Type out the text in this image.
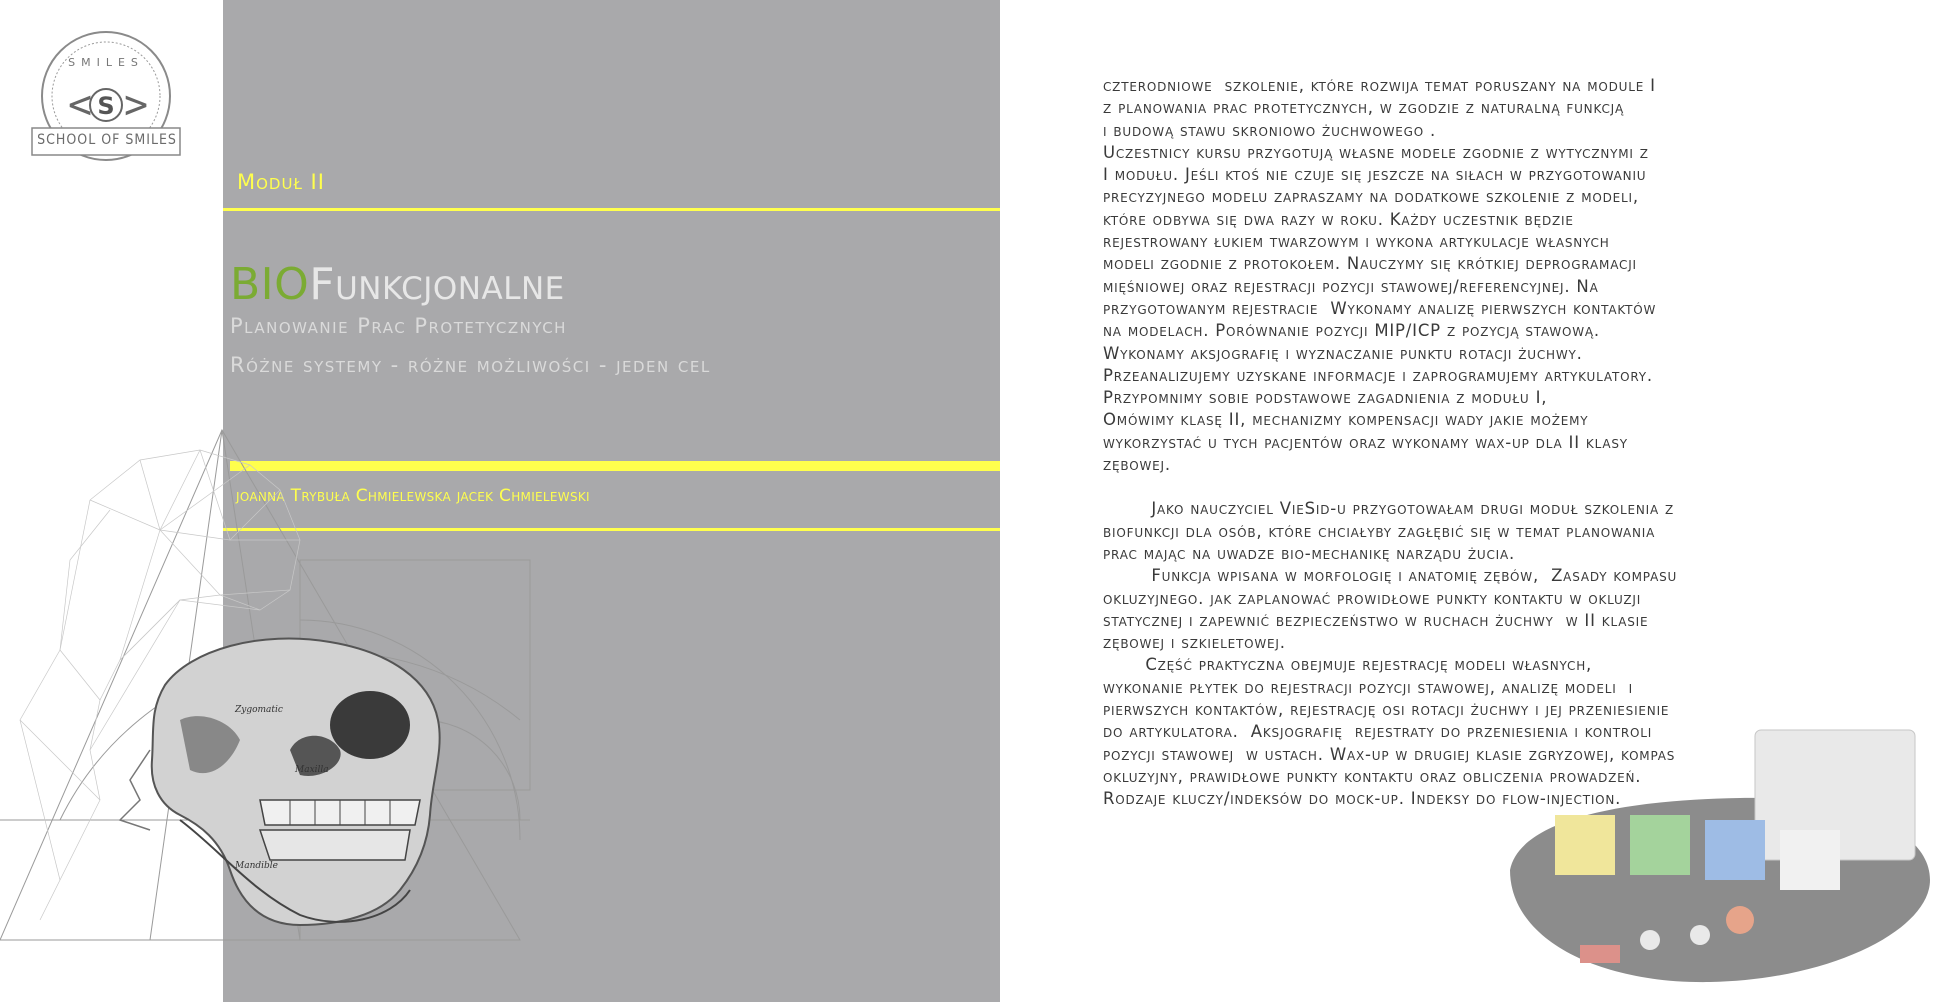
SMILES
< >
S
SCHOOL OF SMILES
Moduł II
BIOFunkcjonalne
Planowanie Prac Protetycznych
Różne systemy - różne możliwości - jeden cel
joanna Trybuła Chmielewska jacek Chmielewski
Zygomatic
Maxilla
Mandible

czterodniowe  szkolenie, które rozwija temat poruszany na module I

z planowania prac protetycznych, w zgodzie z naturalną funkcją

i budową stawu skroniowo żuchwowego .

Uczestnicy kursu przygotują własne modele zgodnie z wytycznymi z

I modułu. Jeśli ktoś nie czuje się jeszcze na siłach w przygotowaniu

precyzyjnego modelu zapraszamy na dodatkowe szkolenie z modeli,

które odbywa się dwa razy w roku. Każdy uczestnik będzie

rejestrowany łukiem twarzowym i wykona artykulacje własnych

modeli zgodnie z protokołem. Nauczymy się krótkiej deprogramacji

mięśniowej oraz rejestracji pozycji stawowej/referencyjnej. Na

przygotowanym rejestracie  Wykonamy analizę pierwszych kontaktów

na modelach. Porównanie pozycji MIP/ICP z pozycją stawową.

Wykonamy aksjografię i wyznaczanie punktu rotacji żuchwy.

Przeanalizujemy uzyskane informacje i zaprogramujemy artykulatory.

Przypomnimy sobie podstawowe zagadnienia z modułu I,

Omówimy klasę II, mechanizmy kompensacji wady jakie możemy

wykorzystać u tych pacjentów oraz wykonamy wax-up dla II klasy

zębowej.

Jako nauczyciel VieSid-u przygotowałam drugi moduł szkolenia z

biofunkcji dla osób, które chciałyby zagłębić się w temat planowania

prac mając na uwadze bio-mechanikę narządu żucia.

Funkcja wpisana w morfologię i anatomię zębów,  Zasady kompasu

okluzyjnego. jak zaplanować prowidłowe punkty kontaktu w okluzji

statycznej i zapewnić bezpieczeństwo w ruchach żuchwy  w II klasie

zębowej i szkieletowej.

Część praktyczna obejmuje rejestrację modeli własnych,

wykonanie płytek do rejestracji pozycji stawowej, analizę modeli  i

pierwszych kontaktów, rejestrację osi rotacji żuchwy i jej przeniesienie

do artykulatora.  Aksjografię  rejestraty do przeniesienia i kontroli

pozycji stawowej  w ustach. Wax-up w drugiej klasie zgryzowej, kompas

okluzyjny, prawidłowe punkty kontaktu oraz obliczenia prowadzeń.

Rodzaje kluczy/indeksów do mock-up. Indeksy do flow-injection.
